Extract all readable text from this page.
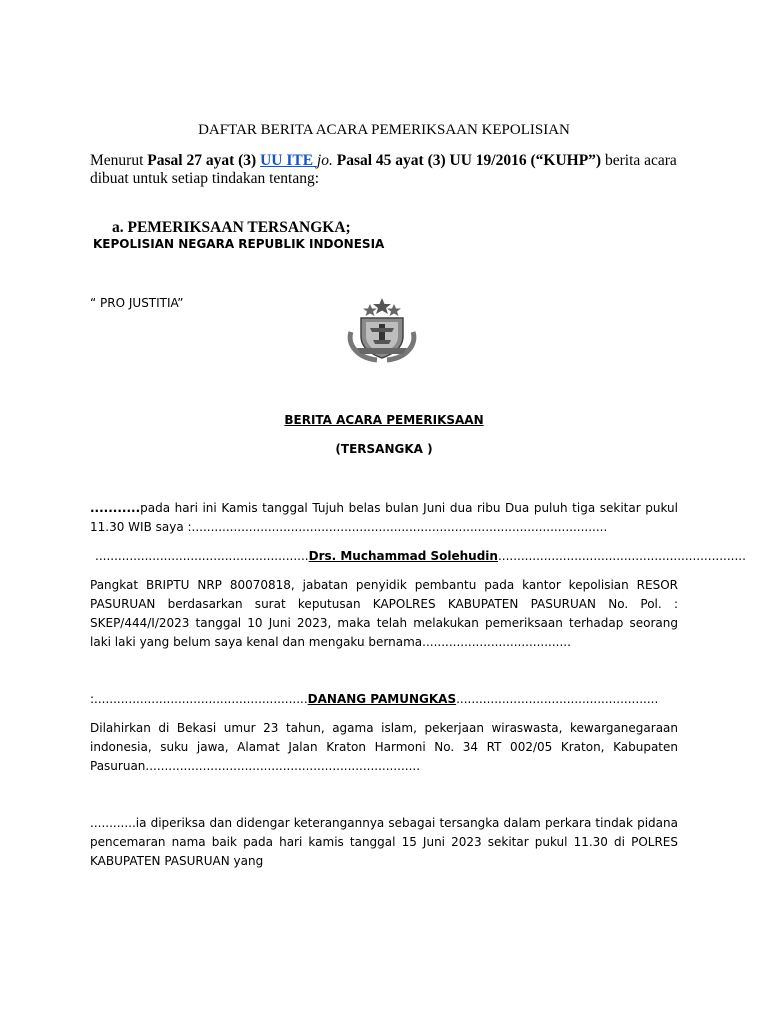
DAFTAR BERITA ACARA PEMERIKSAAN KEPOLISIAN
Menurut Pasal 27 ayat (3) UU ITE jo. Pasal 45 ayat (3) UU 19/2016 (“KUHP”) berita acara dibuat untuk setiap tindakan tentang:
a. PEMERIKSAAN TERSANGKA;
KEPOLISIAN NEGARA REPUBLIK INDONESIA
“ PRO JUSTITIA”
BERITA ACARA PEMERIKSAAN
(TERSANGKA )
...........pada hari ini Kamis tanggal Tujuh belas bulan Juni dua ribu Dua puluh tiga sekitar pukul 11.30 WIB saya :.............................................................................................................
........................................................Drs. Muchammad Solehudin.................................................................
Pangkat BRIPTU NRP 80070818, jabatan penyidik pembantu pada kantor kepolisian RESOR PASURUAN berdasarkan surat keputusan KAPOLRES KABUPATEN PASURUAN No. Pol. : SKEP/444/I/2023 tanggal 10 Juni 2023, maka telah melakukan pemeriksaan terhadap seorang laki laki yang belum saya kenal dan mengaku bernama.......................................
:........................................................DANANG PAMUNGKAS.....................................................
Dilahirkan di Bekasi umur 23 tahun, agama islam, pekerjaan wiraswasta, kewarganegaraan indonesia, suku jawa, Alamat Jalan Kraton Harmoni No. 34 RT 002/05 Kraton, Kabupaten Pasuruan........................................................................
............ia diperiksa dan didengar keterangannya sebagai tersangka dalam perkara tindak pidana pencemaran nama baik pada hari kamis tanggal 15 Juni 2023 sekitar pukul 11.30 di POLRES KABUPATEN PASURUAN yang
